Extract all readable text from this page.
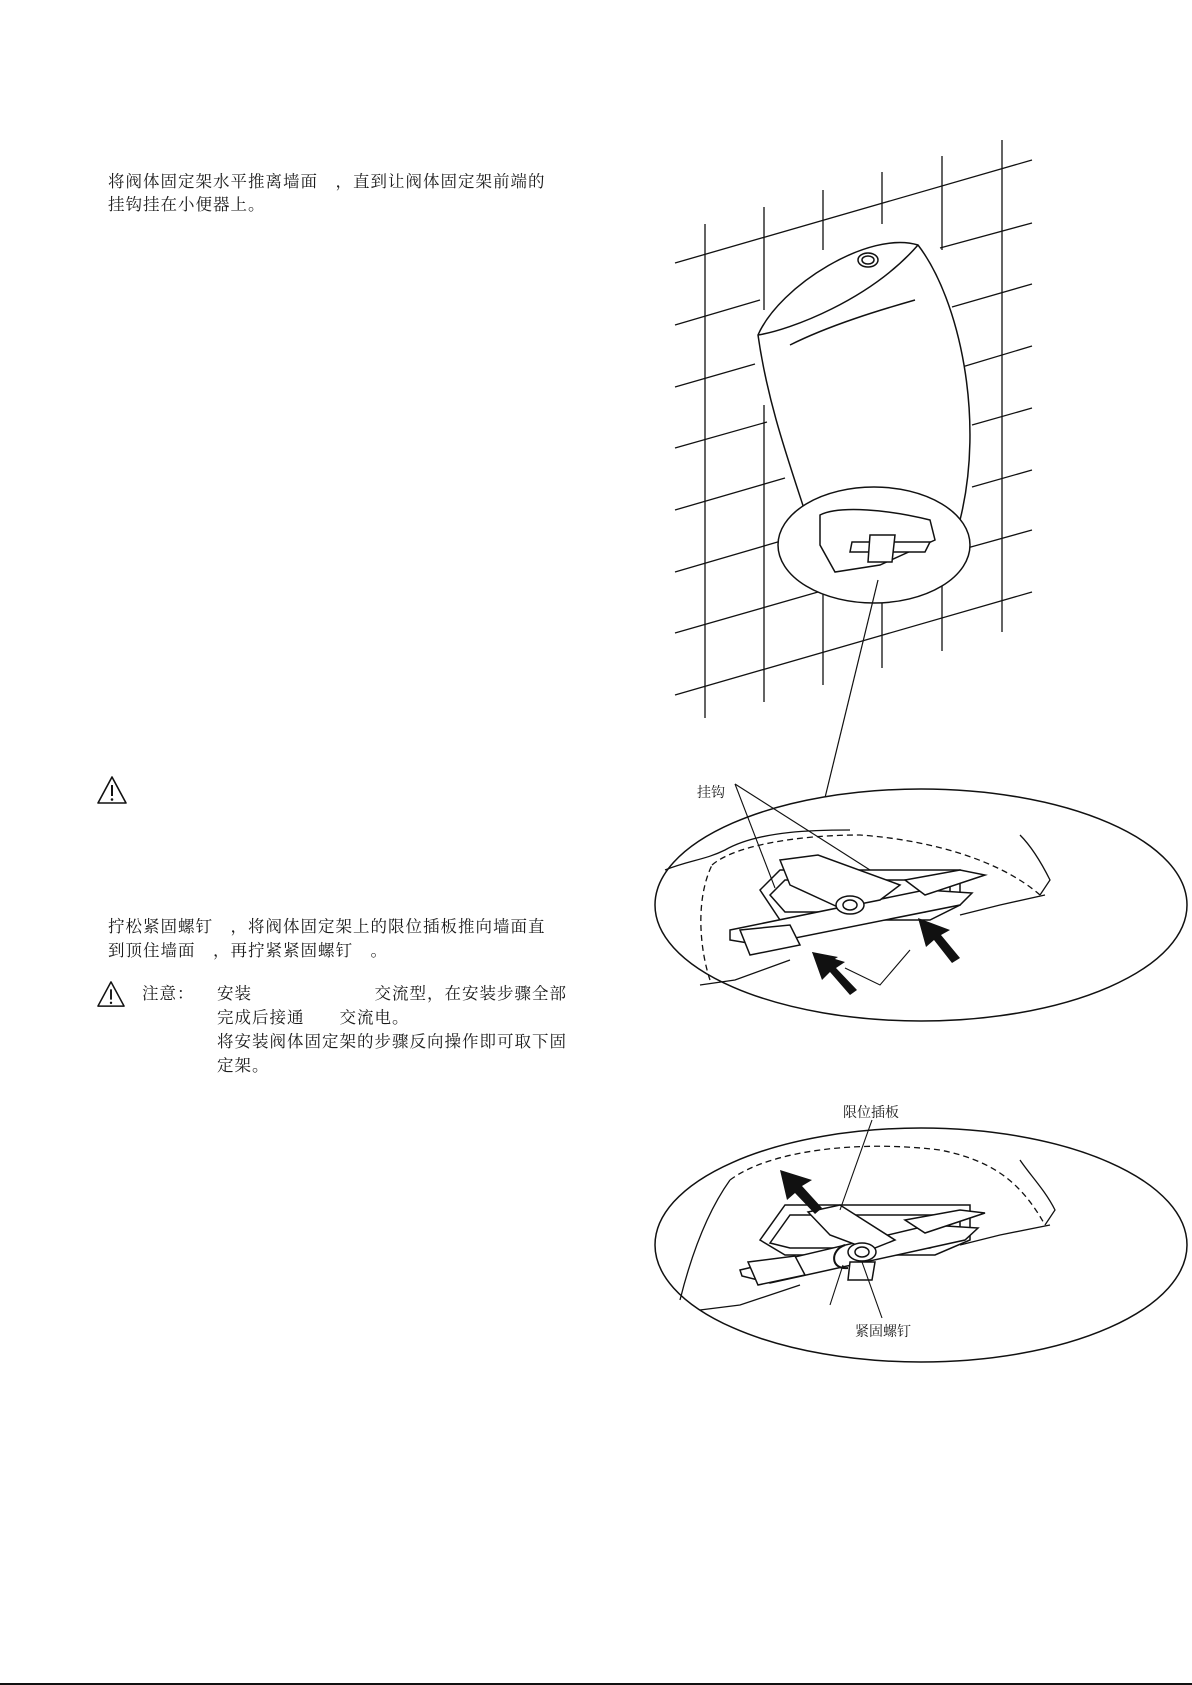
将阀体固定架水平推离墙面　，直到让阀体固定架前端的
挂钩挂在小便器上。
拧松紧固螺钉　，将阀体固定架上的限位插板推向墙面直
到顶住墙面　，再拧紧紧固螺钉　。
注意： 安装　　　　　　　交流型，在安装步骤全部
完成后接通　　交流电。
将安装阀体固定架的步骤反向操作即可取下固
定架。
挂钩
限位插板
紧固螺钉
